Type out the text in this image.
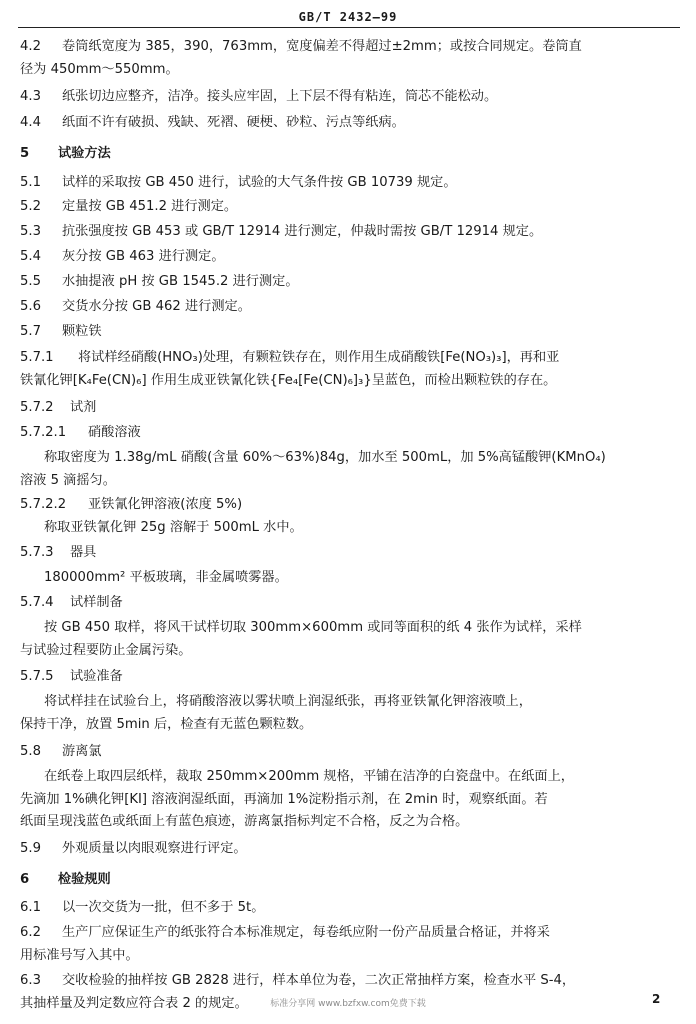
GB/T 2432—99
4.2 卷筒纸宽度为 385，390，763mm，宽度偏差不得超过±2mm；或按合同规定。卷筒直
径为 450mm～550mm。
4.3 纸张切边应整齐，洁净。接头应牢固，上下层不得有粘连，筒芯不能松动。
4.4 纸面不许有破损、残缺、死褶、硬梗、砂粒、污点等纸病。
5 试验方法
5.1 试样的采取按 GB 450 进行，试验的大气条件按 GB 10739 规定。
5.2 定量按 GB 451.2 进行测定。
5.3 抗张强度按 GB 453 或 GB/T 12914 进行测定，仲裁时需按 GB/T 12914 规定。
5.4 灰分按 GB 463 进行测定。
5.5 水抽提液 pH 按 GB 1545.2 进行测定。
5.6 交货水分按 GB 462 进行测定。
5.7 颗粒铁
5.7.1 将试样经硝酸(HNO₃)处理，有颗粒铁存在，则作用生成硝酸铁[Fe(NO₃)₃]，再和亚
铁氰化钾[K₄Fe(CN)₆] 作用生成亚铁氰化铁{Fe₄[Fe(CN)₆]₃}呈蓝色，而检出颗粒铁的存在。
5.7.2 试剂
5.7.2.1 硝酸溶液
称取密度为 1.38g/mL 硝酸(含量 60%～63%)84g，加水至 500mL，加 5%高锰酸钾(KMnO₄)
溶液 5 滴摇匀。
5.7.2.2 亚铁氰化钾溶液(浓度 5%)
称取亚铁氰化钾 25g 溶解于 500mL 水中。
5.7.3 器具
180000mm² 平板玻璃，非金属喷雾器。
5.7.4 试样制备
按 GB 450 取样，将风干试样切取 300mm×600mm 或同等面积的纸 4 张作为试样，采样
与试验过程要防止金属污染。
5.7.5 试验准备
将试样挂在试验台上，将硝酸溶液以雾状喷上润湿纸张，再将亚铁氰化钾溶液喷上，
保持干净，放置 5min 后，检查有无蓝色颗粒数。
5.8 游离氯
在纸卷上取四层纸样，裁取 250mm×200mm 规格，平铺在洁净的白瓷盘中。在纸面上，
先滴加 1%碘化钾[KI] 溶液润湿纸面，再滴加 1%淀粉指示剂，在 2min 时，观察纸面。若
纸面呈现浅蓝色或纸面上有蓝色痕迹，游离氯指标判定不合格，反之为合格。
5.9 外观质量以肉眼观察进行评定。
6 检验规则
6.1 以一次交货为一批，但不多于 5t。
6.2 生产厂应保证生产的纸张符合本标准规定，每卷纸应附一份产品质量合格证，并将采
用标准号写入其中。
6.3 交收检验的抽样按 GB 2828 进行，样本单位为卷，二次正常抽样方案，检查水平 S-4，
其抽样量及判定数应符合表 2 的规定。	标准分享网 www.bzfxw.com免费下载	2
